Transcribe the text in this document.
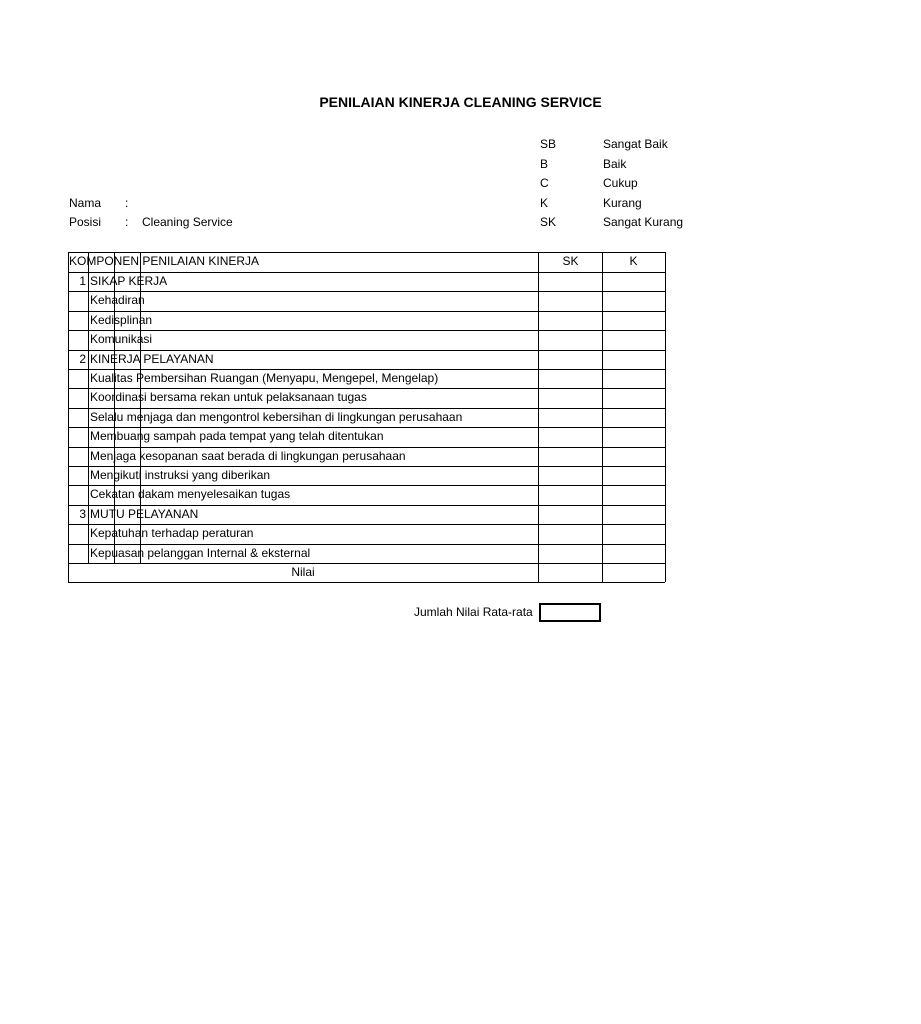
PENILAIAN KINERJA CLEANING SERVICE
SB	Sangat Baik
B	Baik
C	Cukup
K	Kurang
SK	Sangat Kurang
Nama :
Posisi : Cleaning Service
KOMPONEN PENILAIAN KINERJA	SK	K
1 SIKAP KERJA
Kehadiran
Kedisplinan
Komunikasi
2 KINERJA PELAYANAN
Kualitas Pembersihan Ruangan (Menyapu, Mengepel, Mengelap)
Koordinasi bersama rekan untuk pelaksanaan tugas
Selalu menjaga dan mengontrol kebersihan di lingkungan perusahaan
Membuang sampah pada tempat yang telah ditentukan
Menjaga kesopanan saat berada di lingkungan perusahaan
Mengikuti instruksi yang diberikan
Cekatan dakam menyelesaikan tugas
3 MUTU PELAYANAN
Kepatuhan terhadap peraturan
Kepuasan pelanggan Internal & eksternal
Nilai
Jumlah Nilai Rata-rata
